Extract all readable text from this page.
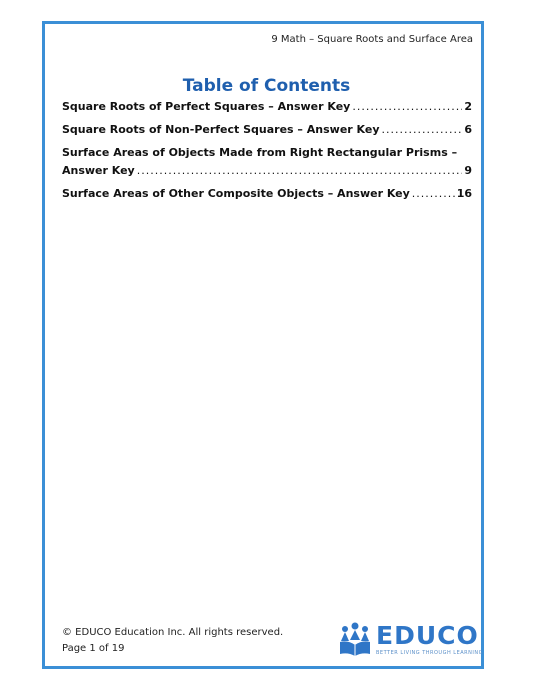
9 Math – Square Roots and Surface Area
Table of Contents
Square Roots of Perfect Squares – Answer Key .....	2
Square Roots of Non-Perfect Squares – Answer Key .....	6
Surface Areas of Objects Made from Right Rectangular Prisms –
Answer Key .....	9
Surface Areas of Other Composite Objects – Answer Key .....	16
© EDUCO Education Inc. All rights reserved.
Page 1 of 19	EDUCO
BETTER LIVING THROUGH LEARNING
